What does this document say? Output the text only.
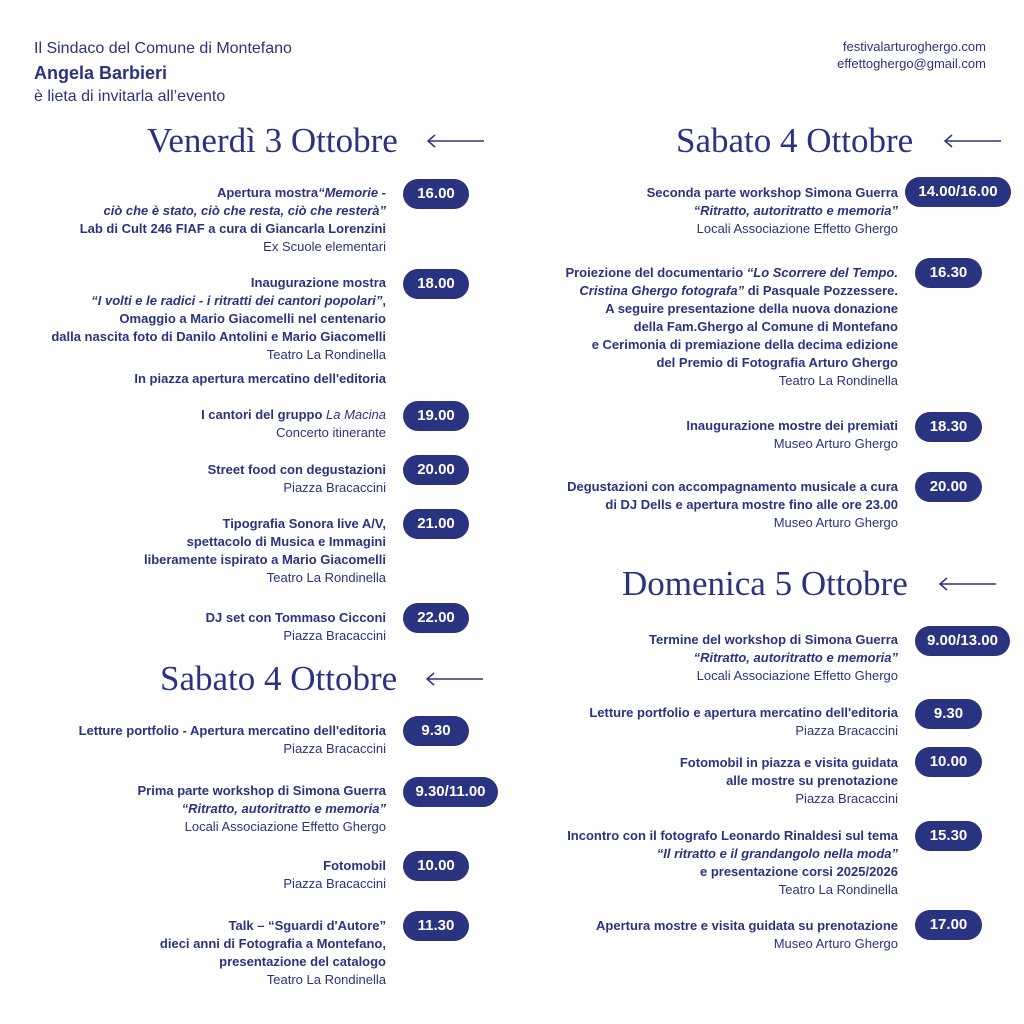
Il Sindaco del Comune di Montefano
Angela Barbieri
è lieta di invitarla all’evento
festivalarturoghergo.com
effettoghergo@gmail.com
Venerdì 3 Ottobre	Sabato 4 Ottobre
Sabato 4 Ottobre
Domenica 5 Ottobre
Apertura mostra“Memorie -
ciò che è stato, ciò che resta, ciò che resterà”
Lab di Cult 246 FIAF a cura di Giancarla Lorenzini
Ex Scuole elementari
16.00
Inaugurazione mostra
“I volti e le radici - i ritratti dei cantori popolari”,
Omaggio a Mario Giacomelli nel centenario
dalla nascita foto di Danilo Antolini e Mario Giacomelli
Teatro La Rondinella
18.00
In piazza apertura mercatino dell'editoria
I cantori del gruppo La Macina
Concerto itinerante
19.00
Street food con degustazioni
Piazza Bracaccini
20.00
Tipografia Sonora live A/V,
spettacolo di Musica e Immagini
liberamente ispirato a Mario Giacomelli
Teatro La Rondinella
21.00
DJ set con Tommaso Cicconi
Piazza Bracaccini
22.00
Letture portfolio - Apertura mercatino dell'editoria
Piazza Bracaccini
9.30
Prima parte workshop di Simona Guerra
“Ritratto, autoritratto e memoria”
Locali Associazione Effetto Ghergo
9.30/11.00
Fotomobil
Piazza Bracaccini
10.00
Talk – “Sguardi d'Autore”
dieci anni di Fotografia a Montefano,
presentazione del catalogo
Teatro La Rondinella
11.30
Seconda parte workshop Simona Guerra
“Ritratto, autoritratto e memoria”
Locali Associazione Effetto Ghergo
14.00/16.00
Proiezione del documentario “Lo Scorrere del Tempo.
Cristina Ghergo fotografa” di Pasquale Pozzessere.
A seguire presentazione della nuova donazione
della Fam.Ghergo al Comune di Montefano
e Cerimonia di premiazione della decima edizione
del Premio di Fotografia Arturo Ghergo
Teatro La Rondinella
16.30
Inaugurazione mostre dei premiati
Museo Arturo Ghergo
18.30
Degustazioni con accompagnamento musicale a cura
di DJ Dells e apertura mostre fino alle ore 23.00
Museo Arturo Ghergo
20.00
Termine del workshop di Simona Guerra
“Ritratto, autoritratto e memoria”
Locali Associazione Effetto Ghergo
9.00/13.00
Letture portfolio e apertura mercatino dell'editoria
Piazza Bracaccini
9.30
Fotomobil in piazza e visita guidata
alle mostre su prenotazione
Piazza Bracaccini
10.00
Incontro con il fotografo Leonardo Rinaldesi sul tema
“Il ritratto e il grandangolo nella moda”
e presentazione corsi 2025/2026
Teatro La Rondinella
15.30
Apertura mostre e visita guidata su prenotazione
Museo Arturo Ghergo
17.00
